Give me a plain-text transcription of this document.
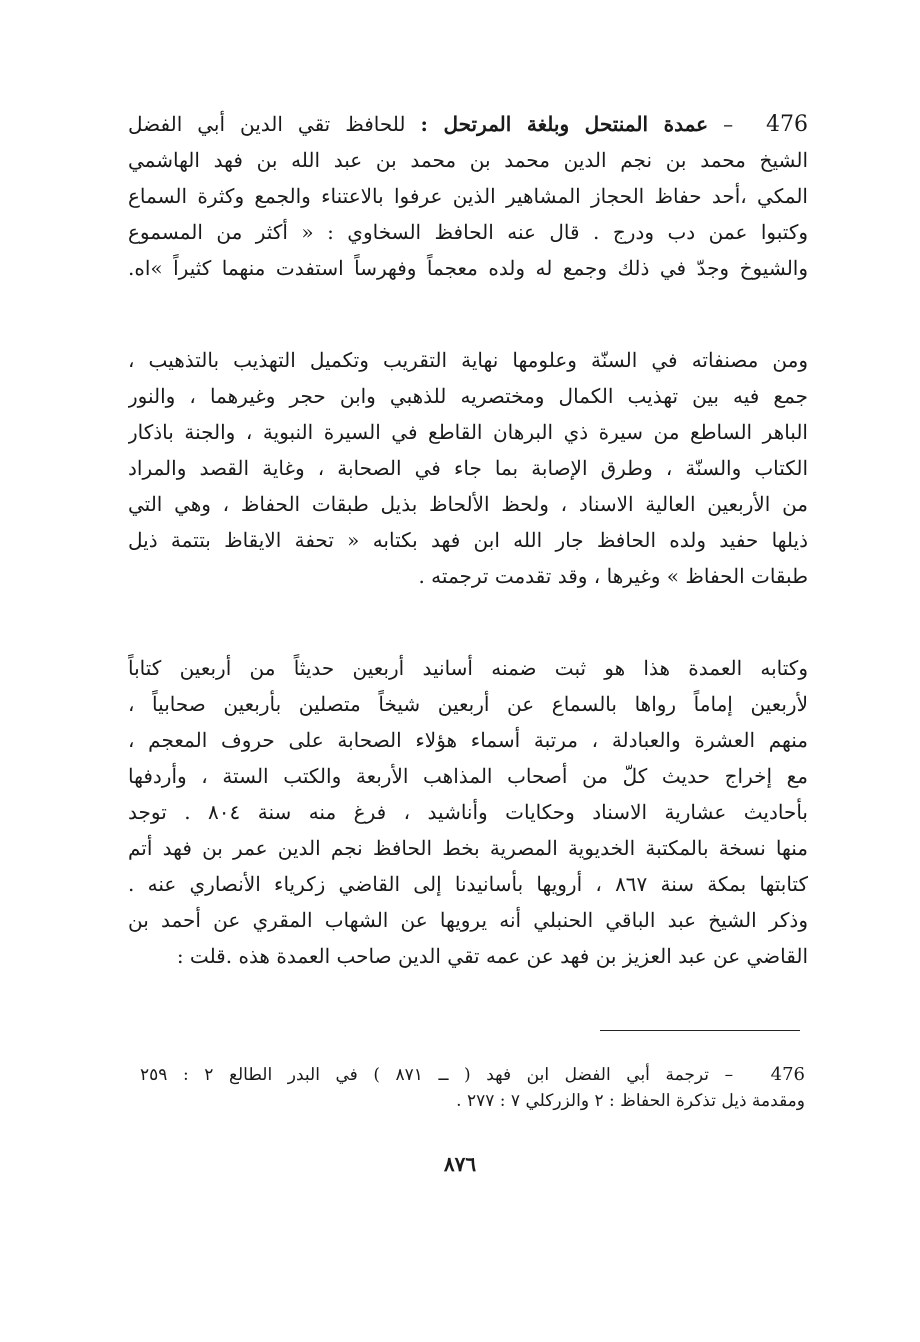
476 – عمدة المنتحل وبلغة المرتحل : للحافظ تقي الدين أبي الفضل
الشيخ محمد بن نجم الدين محمد بن محمد بن عبد الله بن فهد الهاشمي
المكي ،أحد حفاظ الحجاز المشاهير الذين عرفوا بالاعتناء والجمع وكثرة السماع
وكتبوا عمن دب ودرج . قال عنه الحافظ السخاوي : « أكثر من المسموع
والشيوخ وجدّ في ذلك وجمع له ولده معجماً وفهرساً استفدت منهما كثيراً »اه.
ومن مصنفاته في السنّة وعلومها نهاية التقريب وتكميل التهذيب بالتذهيب ،
جمع فيه بين تهذيب الكمال ومختصريه للذهبي وابن حجر وغيرهما ، والنور
الباهر الساطع من سيرة ذي البرهان القاطع في السيرة النبوية ، والجنة باذكار
الكتاب والسنّة ، وطرق الإصابة بما جاء في الصحابة ، وغاية القصد والمراد
من الأربعين العالية الاسناد ، ولحظ الألحاظ بذيل طبقات الحفاظ ، وهي التي
ذيلها حفيد ولده الحافظ جار الله ابن فهد بكتابه « تحفة الايقاظ بتتمة ذيل
طبقات الحفاظ » وغيرها ، وقد تقدمت ترجمته .
وكتابه العمدة هذا هو ثبت ضمنه أسانيد أربعين حديثاً من أربعين كتاباً
لأربعين إماماً رواها بالسماع عن أربعين شيخاً متصلين بأربعين صحابياً ،
منهم العشرة والعبادلة ، مرتبة أسماء هؤلاء الصحابة على حروف المعجم ،
مع إخراج حديث كلّ من أصحاب المذاهب الأربعة والكتب الستة ، وأردفها
بأحاديث عشارية الاسناد وحكايات وأناشيد ، فرغ منه سنة ٨٠٤ . توجد
منها نسخة بالمكتبة الخديوية المصرية بخط الحافظ نجم الدين عمر بن فهد أتم
كتابتها بمكة سنة ٨٦٧ ، أرويها بأسانيدنا إلى القاضي زكرياء الأنصاري عنه .
وذكر الشيخ عبد الباقي الحنبلي أنه يرويها عن الشهاب المقري عن أحمد بن
القاضي عن عبد العزيز بن فهد عن عمه تقي الدين صاحب العمدة هذه .قلت :
476 – ترجمة أبي الفضل ابن فهد ( ــ ٨٧١ ) في البدر الطالع ٢ : ٢٥٩
ومقدمة ذيل تذكرة الحفاظ : ٢ والزركلي ٧ : ٢٧٧ .
٨٧٦
